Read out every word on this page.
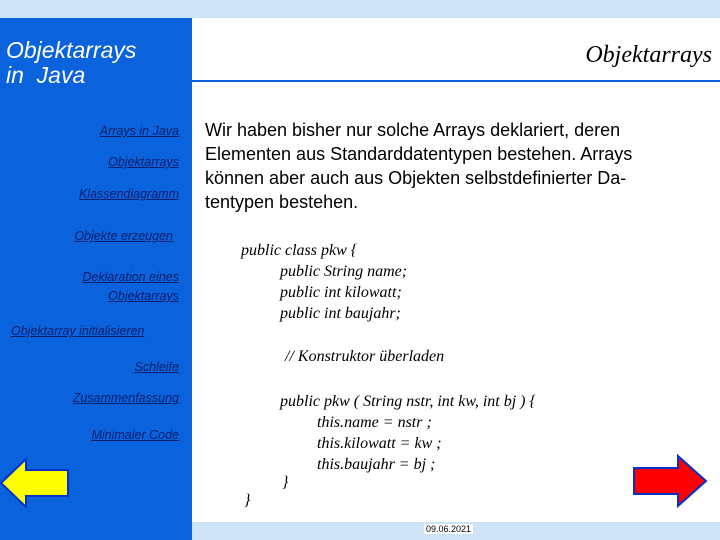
Objektarrays
in  Java
Arrays in Java
Objektarrays
Klassendiagramm
Objekte erzeugen
Deklaration eines
Objektarrays
Objektarray initialisieren
Schleife
Zusammenfassung
Minimaler Code
Objektarrays
Wir haben bisher nur solche Arrays deklariert, deren
Elementen aus Standarddatentypen bestehen. Arrays
können aber auch aus Objekten selbstdefinierter Da-
tentypen bestehen.
public class pkw {
public String name;
public int kilowatt;
public int baujahr;
// Konstruktor überladen
public pkw ( String nstr, int kw, int bj ) {
this.name = nstr ;
this.kilowatt = kw ;
this.baujahr = bj ;
}
}
09.06.2021
